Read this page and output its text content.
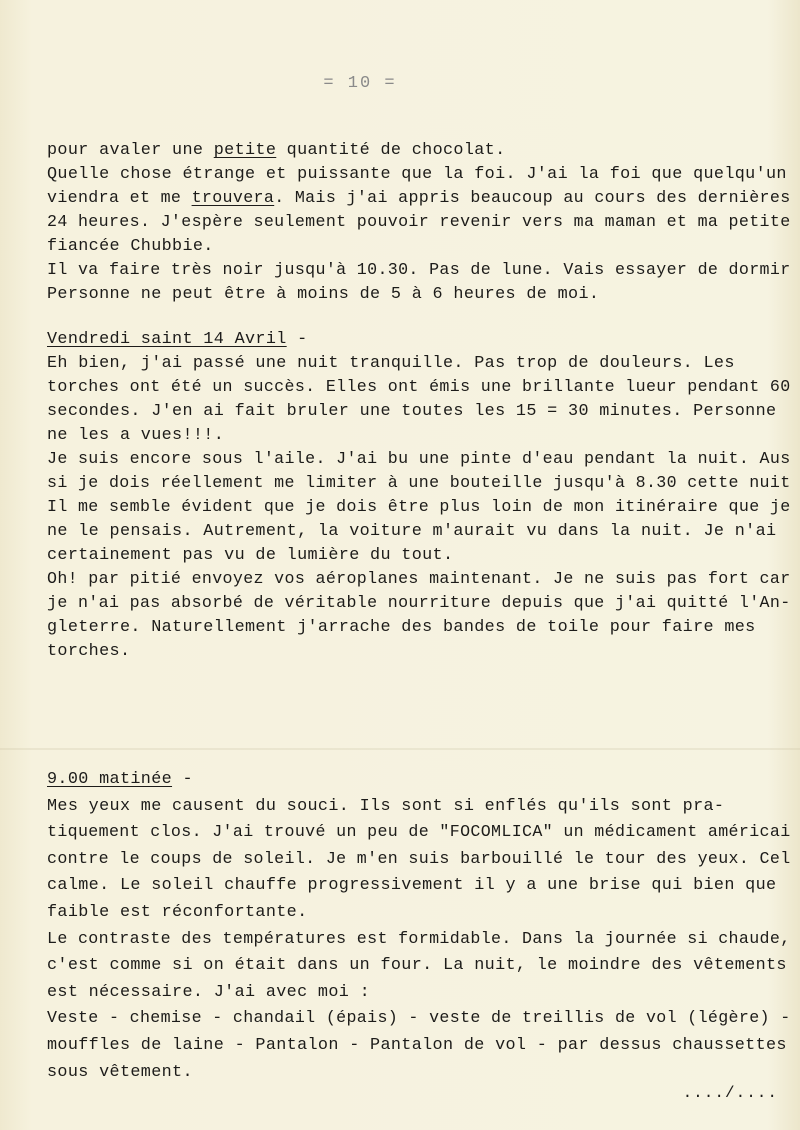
= 10 =
pour avaler une petite quantité de chocolat.
Quelle chose étrange et puissante que la foi. J'ai la foi que quelqu'un
viendra et me trouvera. Mais j'ai appris beaucoup au cours des dernières
24 heures. J'espère seulement pouvoir revenir vers ma maman et ma petite
fiancée Chubbie.
Il va faire très noir jusqu'à 10.30. Pas de lune. Vais essayer de dormir
Personne ne peut être à moins de 5 à 6 heures de moi.
Vendredi saint 14 Avril -
Eh bien, j'ai passé une nuit tranquille. Pas trop de douleurs. Les
torches ont été un succès. Elles ont émis une brillante lueur pendant 60
secondes. J'en ai fait bruler une toutes les 15 = 30 minutes. Personne
ne les a vues!!!.
Je suis encore sous l'aile. J'ai bu une pinte d'eau pendant la nuit. Aus
si je dois réellement me limiter à une bouteille jusqu'à 8.30 cette nuit
Il me semble évident que je dois être plus loin de mon itinéraire que je
ne le pensais. Autrement, la voiture m'aurait vu dans la nuit. Je n'ai
certainement pas vu de lumière du tout.
Oh! par pitié envoyez vos aéroplanes maintenant. Je ne suis pas fort car
je n'ai pas absorbé de véritable nourriture depuis que j'ai quitté l'An-
gleterre. Naturellement j'arrache des bandes de toile pour faire mes
torches.
9.00 matinée -
Mes yeux me causent du souci. Ils sont si enflés qu'ils sont pra-
tiquement clos. J'ai trouvé un peu de "FOCOMLICA" un médicament américai
contre le coups de soleil. Je m'en suis barbouillé le tour des yeux. Cel
calme. Le soleil chauffe progressivement il y a une brise qui bien que
faible est réconfortante.
Le contraste des températures est formidable. Dans la journée si chaude,
c'est comme si on était dans un four. La nuit, le moindre des vêtements
est nécessaire. J'ai avec moi :
Veste - chemise - chandail (épais) - veste de treillis de vol (légère) -
mouffles de laine - Pantalon - Pantalon de vol - par dessus chaussettes
sous vêtement.
..../....
